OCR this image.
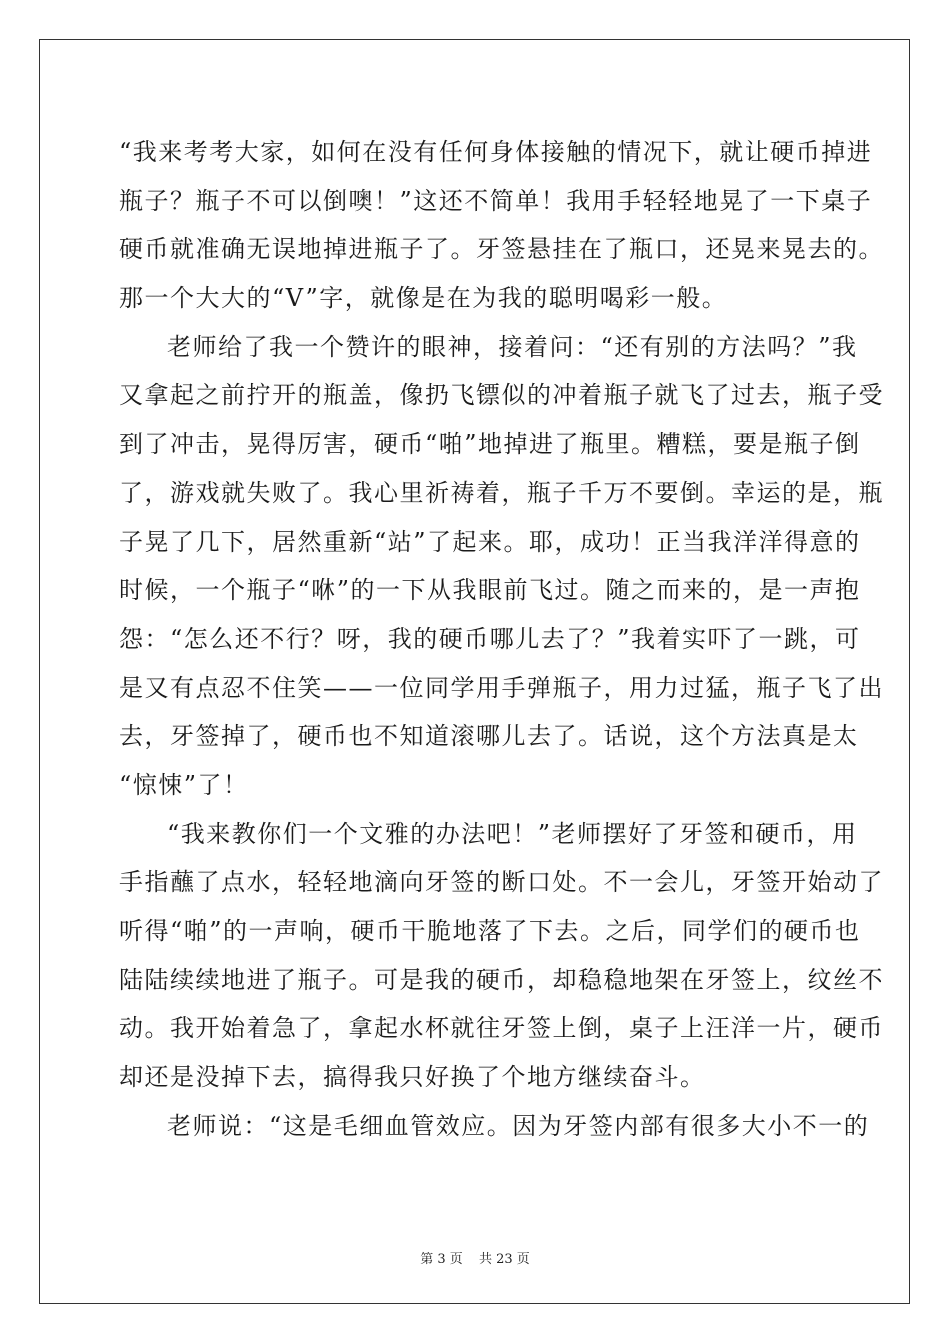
“我来考考大家，如何在没有任何身体接触的情况下，就让硬币掉进
瓶子？瓶子不可以倒噢！”这还不简单！我用手轻轻地晃了一下桌子
硬币就准确无误地掉进瓶子了。牙签悬挂在了瓶口，还晃来晃去的。
那一个大大的“V”字，就像是在为我的聪明喝彩一般。
老师给了我一个赞许的眼神，接着问：“还有别的方法吗？”我
又拿起之前拧开的瓶盖，像扔飞镖似的冲着瓶子就飞了过去，瓶子受
到了冲击，晃得厉害，硬币“啪”地掉进了瓶里。糟糕，要是瓶子倒
了，游戏就失败了。我心里祈祷着，瓶子千万不要倒。幸运的是，瓶
子晃了几下，居然重新“站”了起来。耶，成功！正当我洋洋得意的
时候，一个瓶子“咻”的一下从我眼前飞过。随之而来的，是一声抱
怨：“怎么还不行？呀，我的硬币哪儿去了？”我着实吓了一跳，可
是又有点忍不住笑——一位同学用手弹瓶子，用力过猛，瓶子飞了出
去，牙签掉了，硬币也不知道滚哪儿去了。话说，这个方法真是太
“惊悚”了！
“我来教你们一个文雅的办法吧！”老师摆好了牙签和硬币，用
手指蘸了点水，轻轻地滴向牙签的断口处。不一会儿，牙签开始动了
听得“啪”的一声响，硬币干脆地落了下去。之后，同学们的硬币也
陆陆续续地进了瓶子。可是我的硬币，却稳稳地架在牙签上，纹丝不
动。我开始着急了，拿起水杯就往牙签上倒，桌子上汪洋一片，硬币
却还是没掉下去，搞得我只好换了个地方继续奋斗。
老师说：“这是毛细血管效应。因为牙签内部有很多大小不一的
第 3 页 共 23 页
